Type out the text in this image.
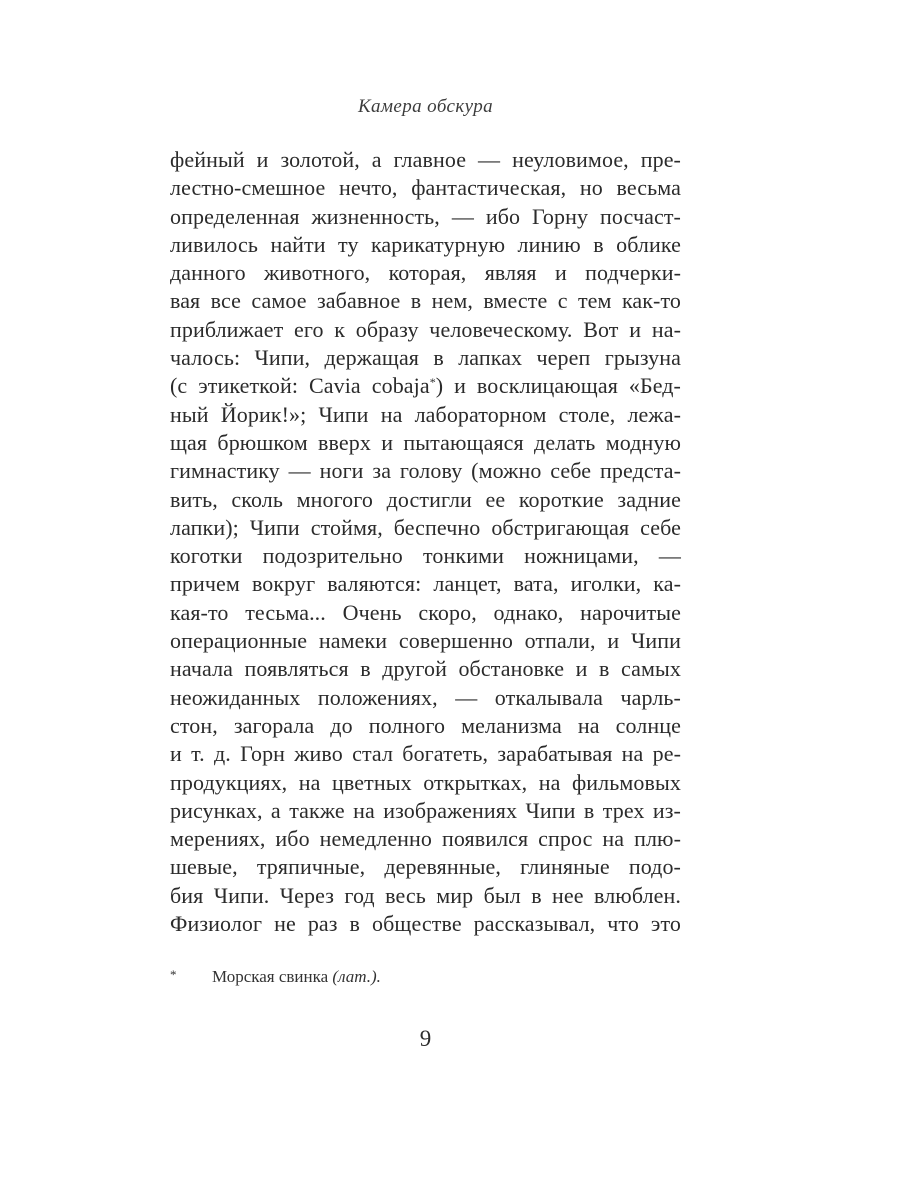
Камера обскура
фейный и золотой, а главное — неуловимое, пре-
лестно-смешное нечто, фантастическая, но весьма
определенная жизненность, — ибо Горну посчаст-
ливилось найти ту карикатурную линию в облике
данного животного, которая, являя и подчерки-
вая все самое забавное в нем, вместе с тем как-то
приближает его к образу человеческому. Вот и на-
чалось: Чипи, держащая в лапках череп грызуна
(с этикеткой: Cavia cobaja*) и восклицающая «Бед-
ный Йорик!»; Чипи на лабораторном столе, лежа-
щая брюшком вверх и пытающаяся делать модную
гимнастику — ноги за голову (можно себе предста-
вить, сколь многого достигли ее короткие задние
лапки); Чипи стоймя, беспечно обстригающая себе
коготки подозрительно тонкими ножницами, —
причем вокруг валяются: ланцет, вата, иголки, ка-
кая-то тесьма... Очень скоро, однако, нарочитые
операционные намеки совершенно отпали, и Чипи
начала появляться в другой обстановке и в самых
неожиданных положениях, — откалывала чарль-
стон, загорала до полного меланизма на солнце
и т. д. Горн живо стал богатеть, зарабатывая на ре-
продукциях, на цветных открытках, на фильмовых
рисунках, а также на изображениях Чипи в трех из-
мерениях, ибо немедленно появился спрос на плю-
шевые, тряпичные, деревянные, глиняные подо-
бия Чипи. Через год весь мир был в нее влюблен.
Физиолог не раз в обществе рассказывал, что это
* Морская свинка (лат.).
9
